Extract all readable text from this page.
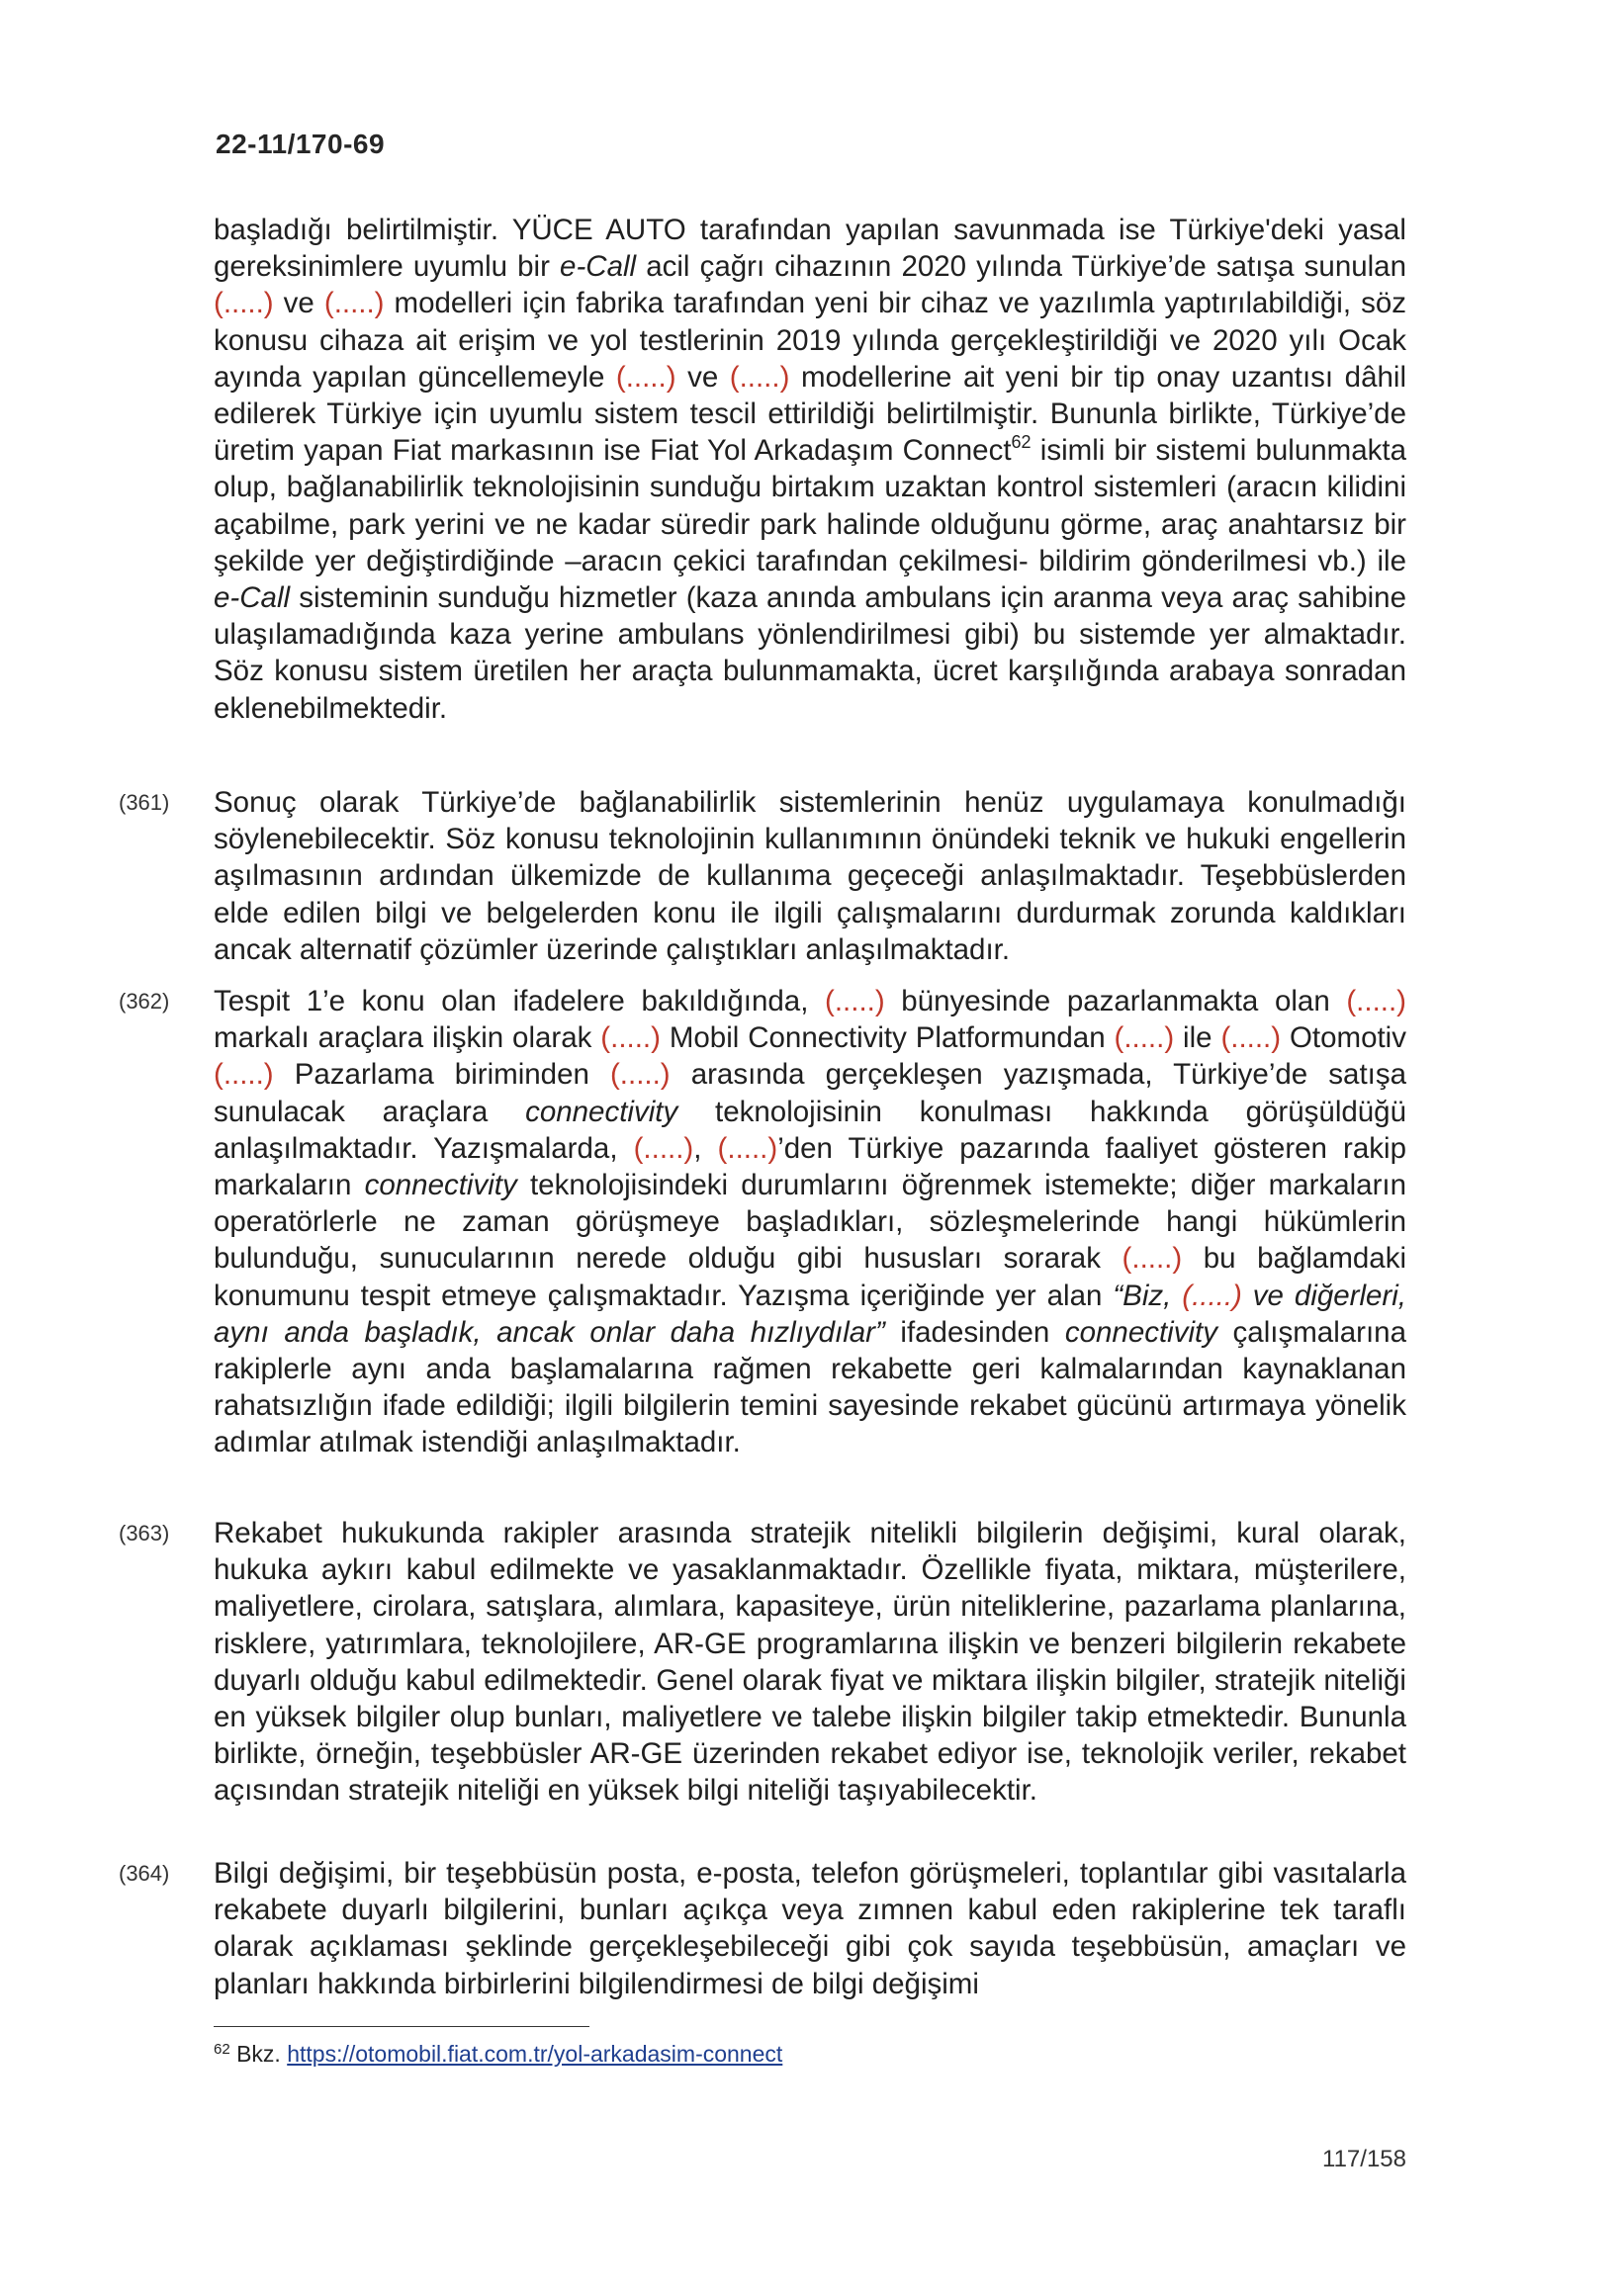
22-11/170-69

başladığı belirtilmiştir. YÜCE AUTO tarafından yapılan savunmada ise Türkiye'deki yasal gereksinimlere uyumlu bir e-Call acil çağrı cihazının 2020 yılında Türkiye’de satışa sunulan (.....) ve (.....) modelleri için fabrika tarafından yeni bir cihaz ve yazılımla yaptırılabildiği, söz konusu cihaza ait erişim ve yol testlerinin 2019 yılında gerçekleştirildiği ve 2020 yılı Ocak ayında yapılan güncellemeyle (.....) ve (.....) modellerine ait yeni bir tip onay uzantısı dâhil edilerek Türkiye için uyumlu sistem tescil ettirildiği belirtilmiştir. Bununla birlikte, Türkiye’de üretim yapan Fiat markasının ise Fiat Yol Arkadaşım Connect$^{62}$ isimli bir sistemi bulunmakta olup, bağlanabilirlik teknolojisinin sunduğu birtakım uzaktan kontrol sistemleri (aracın kilidini açabilme, park yerini ve ne kadar süredir park halinde olduğunu görme, araç anahtarsız bir şekilde yer değiştirdiğinde –aracın çekici tarafından çekilmesi- bildirim gönderilmesi vb.) ile e-Call sisteminin sunduğu hizmetler (kaza anında ambulans için aranma veya araç sahibine ulaşılamadığında kaza yerine ambulans yönlendirilmesi gibi) bu sistemde yer almaktadır. Söz konusu sistem üretilen her araçta bulunmamakta, ücret karşılığında arabaya sonradan eklenebilmektedir.

(361)	Sonuç olarak Türkiye’de bağlanabilirlik sistemlerinin henüz uygulamaya konulmadığı söylenebilecektir. Söz konusu teknolojinin kullanımının önündeki teknik ve hukuki engellerin aşılmasının ardından ülkemizde de kullanıma geçeceği anlaşılmaktadır. Teşebbüslerden elde edilen bilgi ve belgelerden konu ile ilgili çalışmalarını durdurmak zorunda kaldıkları ancak alternatif çözümler üzerinde çalıştıkları anlaşılmaktadır.

(362)	Tespit 1’e konu olan ifadelere bakıldığında, (.....) bünyesinde pazarlanmakta olan (.....) markalı araçlara ilişkin olarak (.....) Mobil Connectivity Platformundan (.....) ile (.....) Otomotiv (.....) Pazarlama biriminden (.....) arasında gerçekleşen yazışmada, Türkiye’de satışa sunulacak araçlara connectivity teknolojisinin konulması hakkında görüşüldüğü anlaşılmaktadır. Yazışmalarda, (.....), (.....)’den Türkiye pazarında faaliyet gösteren rakip markaların connectivity teknolojisindeki durumlarını öğrenmek istemekte; diğer markaların operatörlerle ne zaman görüşmeye başladıkları, sözleşmelerinde hangi hükümlerin bulunduğu, sunucularının nerede olduğu gibi hususları sorarak (.....) bu bağlamdaki konumunu tespit etmeye çalışmaktadır. Yazışma içeriğinde yer alan “Biz, (.....) ve diğerleri, aynı anda başladık, ancak onlar daha hızlıydılar” ifadesinden connectivity çalışmalarına rakiplerle aynı anda başlamalarına rağmen rekabette geri kalmalarından kaynaklanan rahatsızlığın ifade edildiği; ilgili bilgilerin temini sayesinde rekabet gücünü artırmaya yönelik adımlar atılmak istendiği anlaşılmaktadır.

(363)	Rekabet hukukunda rakipler arasında stratejik nitelikli bilgilerin değişimi, kural olarak, hukuka aykırı kabul edilmekte ve yasaklanmaktadır. Özellikle fiyata, miktara, müşterilere, maliyetlere, cirolara, satışlara, alımlara, kapasiteye, ürün niteliklerine, pazarlama planlarına, risklere, yatırımlara, teknolojilere, AR-GE programlarına ilişkin ve benzeri bilgilerin rekabete duyarlı olduğu kabul edilmektedir. Genel olarak fiyat ve miktara ilişkin bilgiler, stratejik niteliği en yüksek bilgiler olup bunları, maliyetlere ve talebe ilişkin bilgiler takip etmektedir. Bununla birlikte, örneğin, teşebbüsler AR-GE üzerinden rekabet ediyor ise, teknolojik veriler, rekabet açısından stratejik niteliği en yüksek bilgi niteliği taşıyabilecektir.

(364)	Bilgi değişimi, bir teşebbüsün posta, e-posta, telefon görüşmeleri, toplantılar gibi vasıtalarla rekabete duyarlı bilgilerini, bunları açıkça veya zımnen kabul eden rakiplerine tek taraflı olarak açıklaması şeklinde gerçekleşebileceği gibi çok sayıda teşebbüsün, amaçları ve planları hakkında birbirlerini bilgilendirmesi de bilgi değişimi

$^{62}$ Bkz. https://otomobil.fiat.com.tr/yol-arkadasim-connect
117/158
